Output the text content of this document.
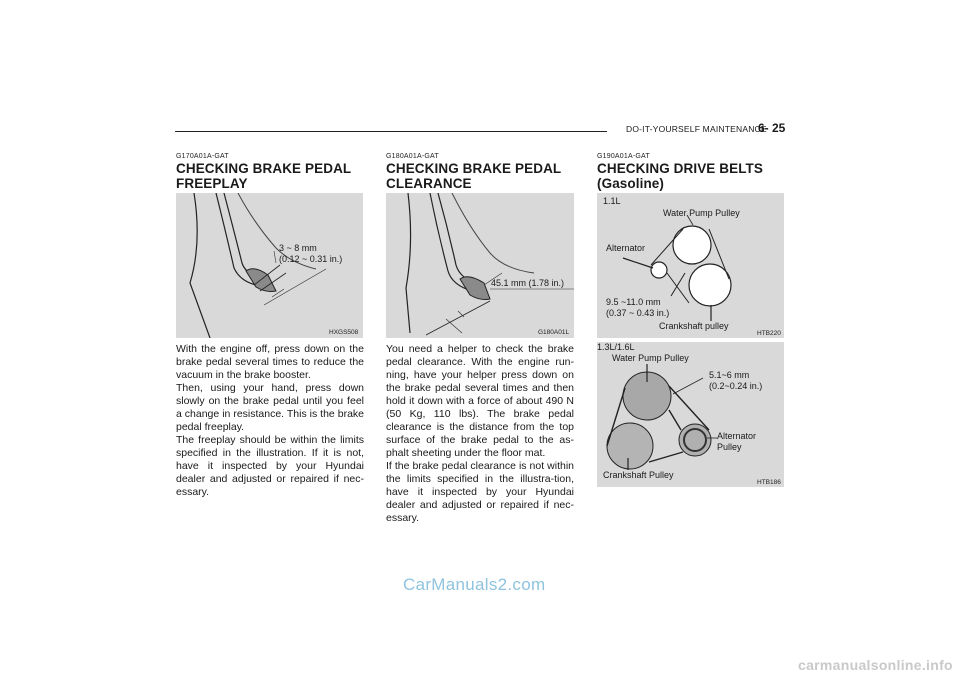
DO-IT-YOURSELF MAINTENANCE
6- 25
G170A01A-GAT
CHECKING BRAKE PEDAL
FREEPLAY
3 ~ 8 mm
(0.12 ~ 0.31 in.)
HXGS508

With the engine off, press down on the brake pedal several times to reduce the vacuum in the brake booster.

Then, using your hand, press down slowly on the brake pedal until you feel a change in resistance. This is the brake pedal freeplay.

The freeplay should be within the limits specified in the illustration. If it is not, have it inspected by your Hyundai dealer and adjusted or repaired if nec-essary.

G180A01A-GAT
CHECKING BRAKE PEDAL
CLEARANCE
45.1 mm (1.78 in.)
G180A01L

You need a helper to check the brake pedal clearance. With the engine run-ning, have your helper press down on the brake pedal several times and then hold it down with a force of about 490 N (50 Kg, 110 lbs). The brake pedal clearance is the distance from the top surface of the brake pedal to the as-phalt sheeting under the floor mat.

If the brake pedal clearance is not within the limits specified in the illustra-tion, have it inspected by your Hyundai dealer and adjusted or repaired if nec-essary.

G190A01A-GAT
CHECKING DRIVE BELTS
(Gasoline)
1.1L
Water Pump Pulley
Alternator
9.5 ~11.0 mm
(0.37 ~ 0.43 in.)
Crankshaft pulley
HTB220
1.3L/1.6L
Water Pump Pulley
5.1~6 mm
(0.2~0.24 in.)
Alternator
Pulley
Crankshaft Pulley
HTB186
CarManuals2.com
carmanualsonline.info
